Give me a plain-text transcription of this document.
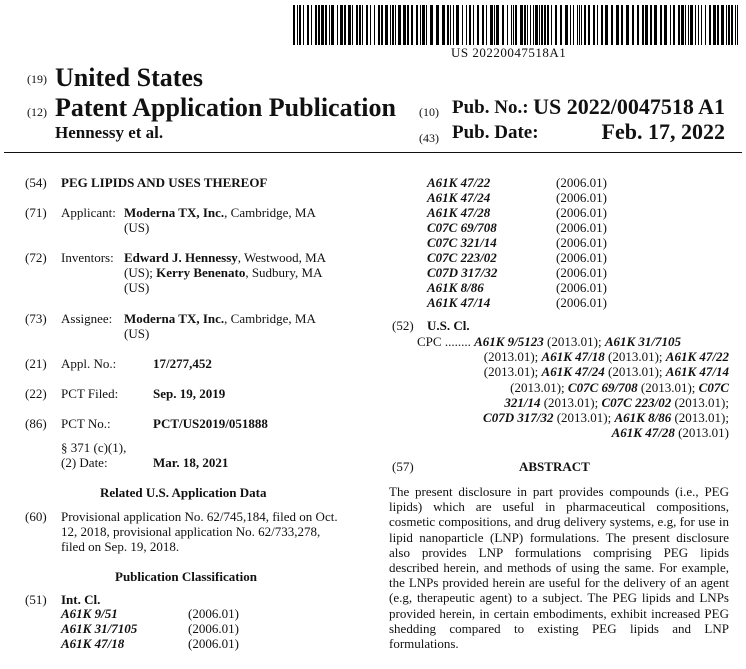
US 20220047518A1
(19) United States
(12) Patent Application Publication
Hennessy et al.
(10) Pub. No.: US 2022/0047518 A1
(43) Pub. Date:	Feb. 17, 2022
(54) PEG LIPIDS AND USES THEREOF
(71) Applicant: Moderna TX, Inc., Cambridge, MA
(US)
(72) Inventors: Edward J. Hennessy, Westwood, MA
(US); Kerry Benenato, Sudbury, MA
(US)
(73) Assignee: Moderna TX, Inc., Cambridge, MA
(US)
(21) Appl. No.:	17/277,452
(22) PCT Filed:	Sep. 19, 2019
(86) PCT No.:	PCT/US2019/051888
§ 371 (c)(1),
(2) Date:	Mar. 18, 2021
Related U.S. Application Data
(60) Provisional application No. 62/745,184, filed on Oct.
12, 2018, provisional application No. 62/733,278,
filed on Sep. 19, 2018.
Publication Classification
(51) Int. Cl.
A61K 9/51	(2006.01)
A61K 31/7105	(2006.01)
A61K 47/18	(2006.01)
A61K 47/22	(2006.01)
A61K 47/24	(2006.01)
A61K 47/28	(2006.01)
C07C 69/708	(2006.01)
C07C 321/14	(2006.01)
C07C 223/02	(2006.01)
C07D 317/32	(2006.01)
A61K 8/86	(2006.01)
A61K 47/14	(2006.01)
(52) U.S. Cl.
CPC ........ A61K 9/5123 (2013.01); A61K 31/7105
(2013.01); A61K 47/18 (2013.01); A61K 47/22
(2013.01); A61K 47/24 (2013.01); A61K 47/14
(2013.01); C07C 69/708 (2013.01); C07C
321/14 (2013.01); C07C 223/02 (2013.01);
C07D 317/32 (2013.01); A61K 8/86 (2013.01);
A61K 47/28 (2013.01)
(57)	ABSTRACT
The present disclosure in part provides compounds (i.e., PEG lipids) which are useful in pharmaceutical compositions, cosmetic compositions, and drug delivery systems, e.g, for use in lipid nanoparticle (LNP) formulations. The present disclosure also provides LNP formulations comprising PEG lipids described herein, and methods of using the same. For example, the LNPs provided herein are useful for the delivery of an agent (e.g, therapeutic agent) to a subject. The PEG lipids and LNPs provided herein, in certain embodiments, exhibit increased PEG shedding compared to existing PEG lipids and LNP formulations.
